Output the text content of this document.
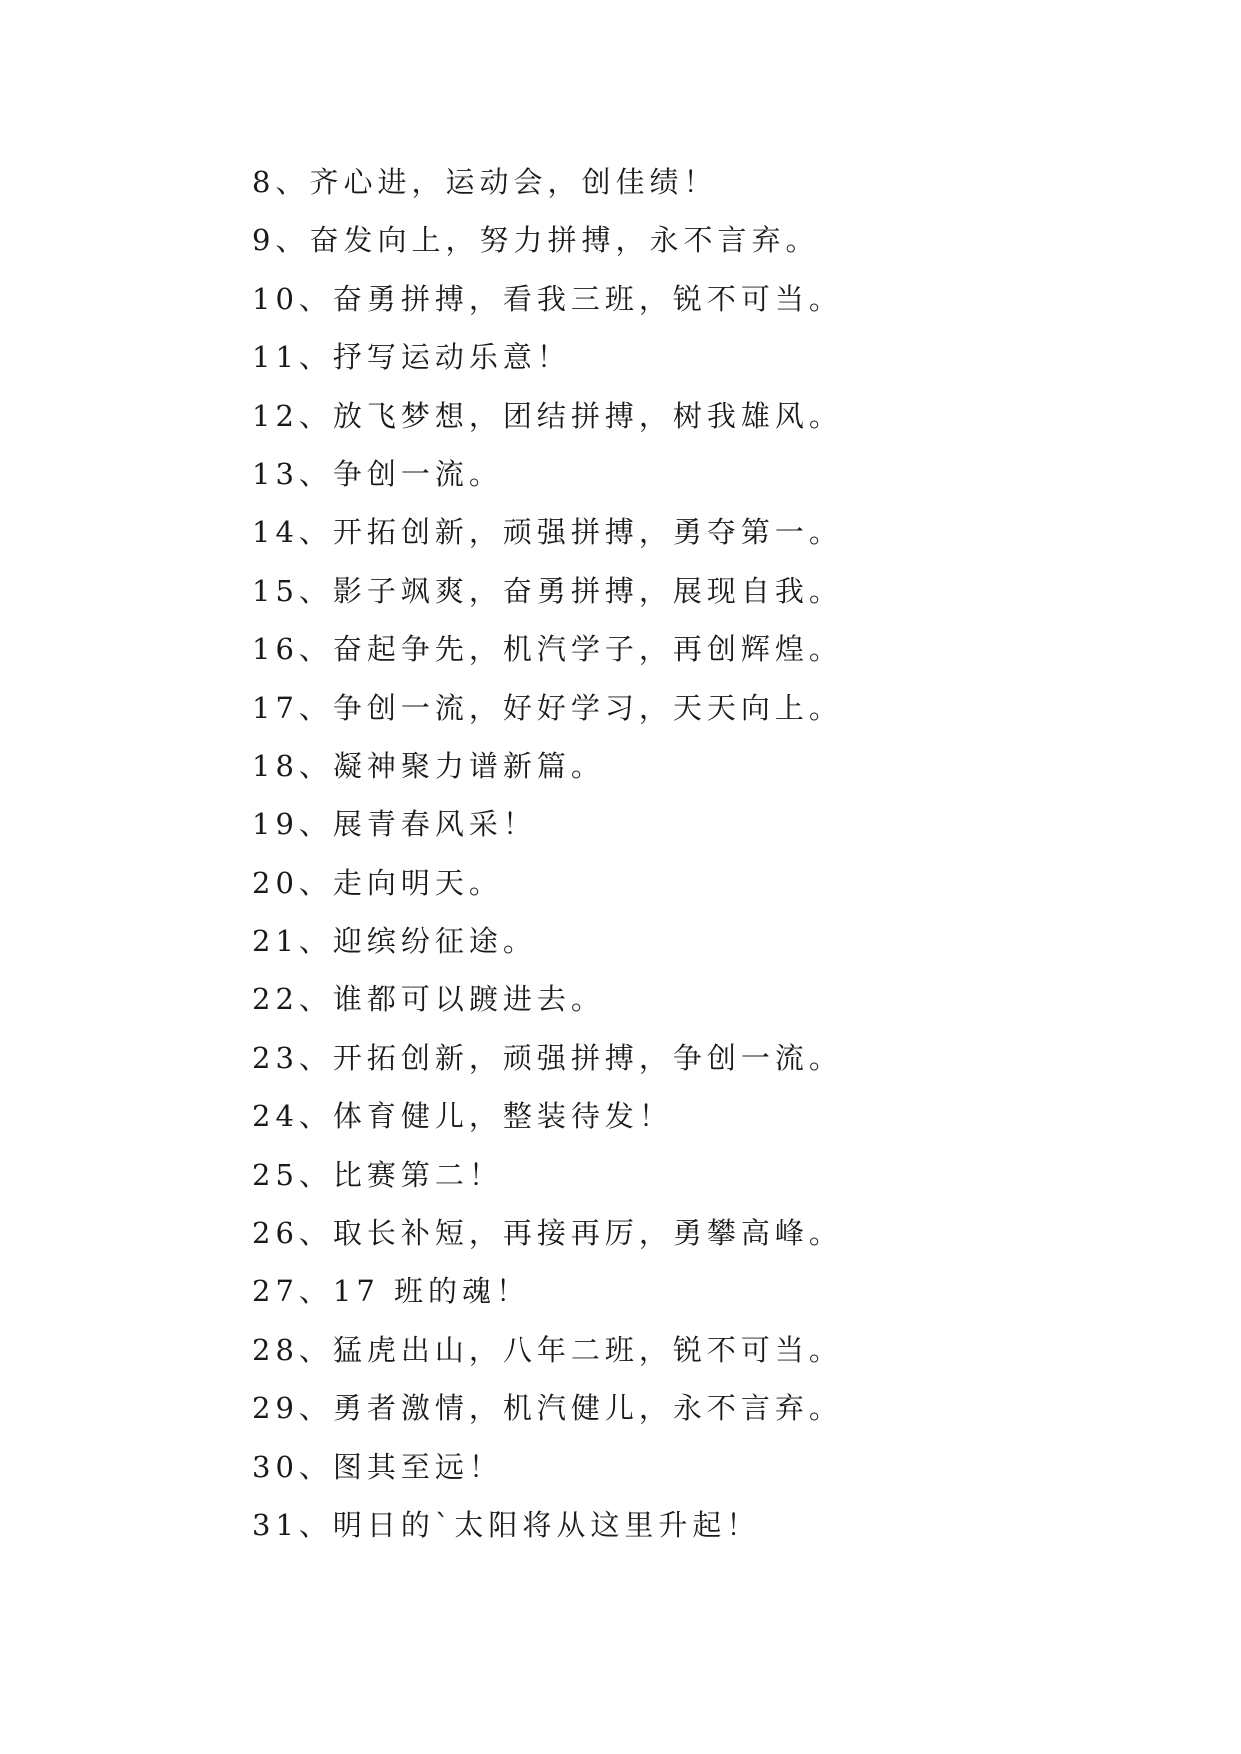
8、齐心进，运动会，创佳绩！
9、奋发向上，努力拼搏，永不言弃。
10、奋勇拼搏，看我三班，锐不可当。
11、抒写运动乐意！
12、放飞梦想，团结拼搏，树我雄风。
13、争创一流。
14、开拓创新，顽强拼搏，勇夺第一。
15、影子飒爽，奋勇拼搏，展现自我。
16、奋起争先，机汽学子，再创辉煌。
17、争创一流，好好学习，天天向上。
18、凝神聚力谱新篇。
19、展青春风采！
20、走向明天。
21、迎缤纷征途。
22、谁都可以踱进去。
23、开拓创新，顽强拼搏，争创一流。
24、体育健儿，整装待发！
25、比赛第二！
26、取长补短，再接再厉，勇攀高峰。
27、17 班的魂！
28、猛虎出山，八年二班，锐不可当。
29、勇者激情，机汽健儿，永不言弃。
30、图其至远！
31、明日的`太阳将从这里升起！
